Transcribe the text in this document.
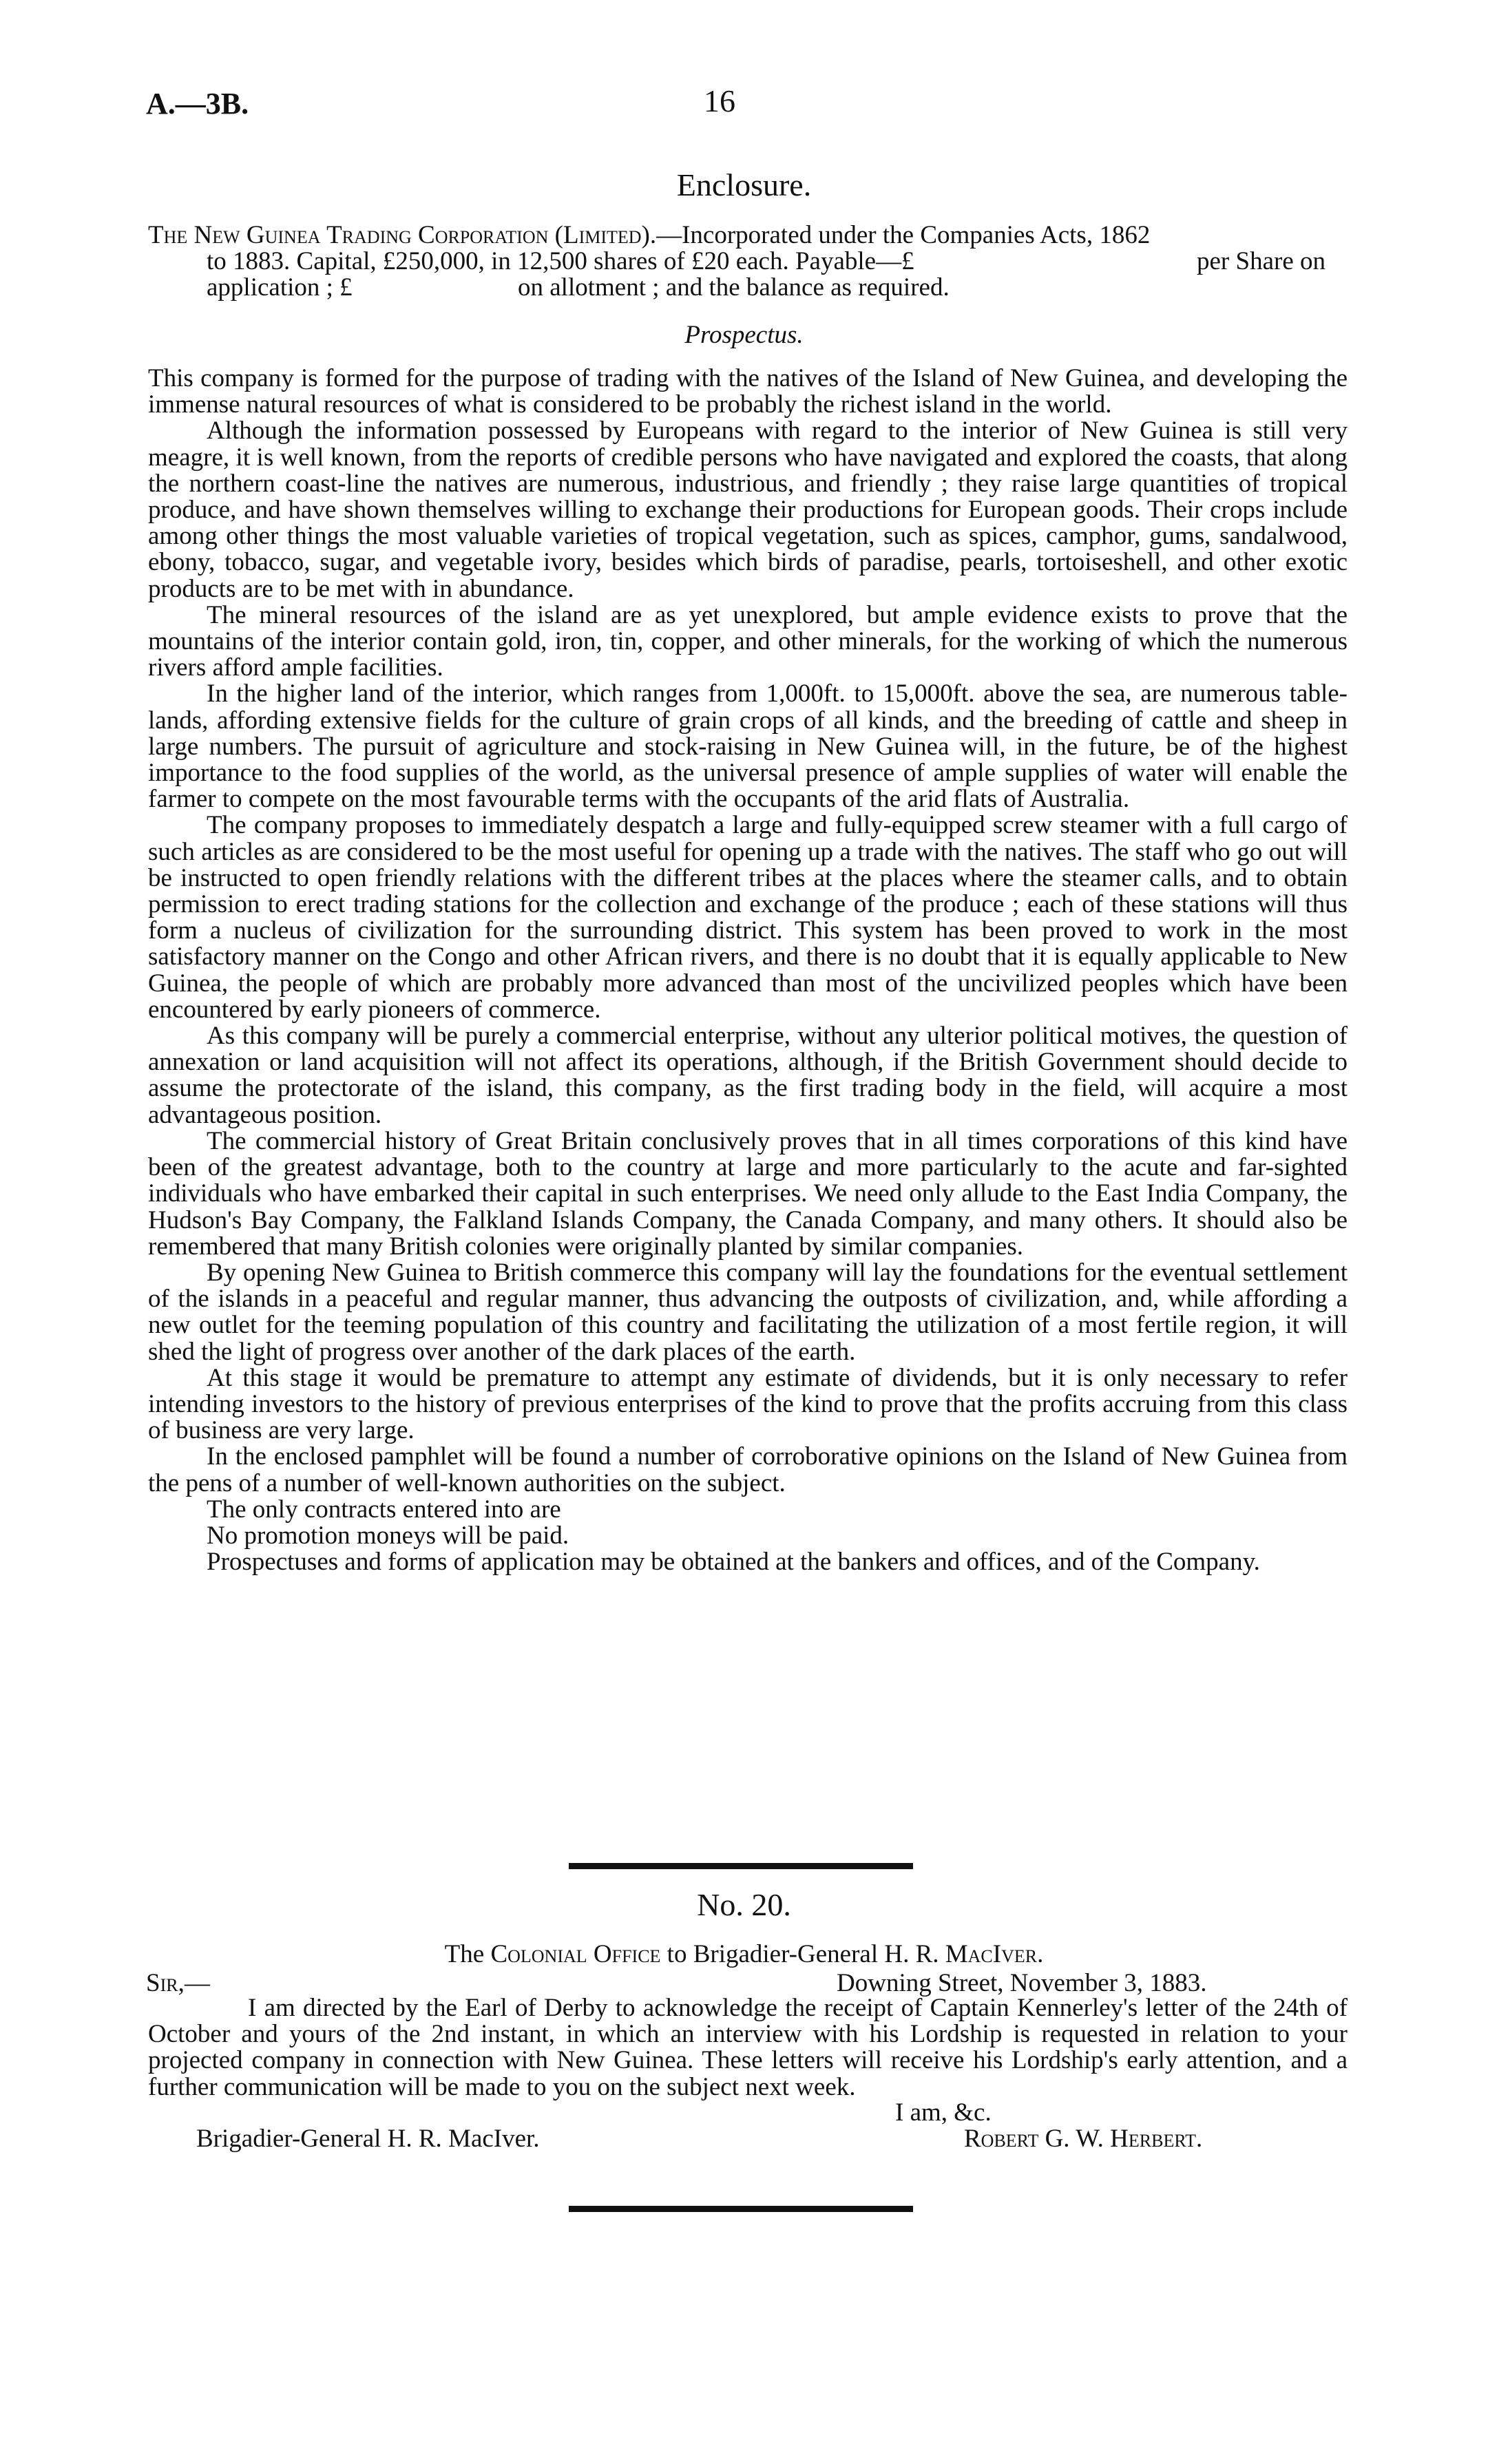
A.—3B.	16
Enclosure.
The New Guinea Trading Corporation (Limited).—Incorporated under the Companies Acts, 1862
to 1883. Capital, £250,000, in 12,500 shares of £20 each. Payable—£	per Share on
application ; £	on allotment ; and the balance as required.
Prospectus.

This company is formed for the purpose of trading with the natives of the Island of New Guinea, and developing the immense natural resources of what is considered to be probably the richest island in the world.

Although the information possessed by Europeans with regard to the interior of New Guinea is still very meagre, it is well known, from the reports of credible persons who have navigated and explored the coasts, that along the northern coast-line the natives are numerous, industrious, and friendly ; they raise large quantities of tropical produce, and have shown themselves willing to exchange their productions for European goods. Their crops include among other things the most valuable varieties of tropical vegetation, such as spices, camphor, gums, sandalwood, ebony, tobacco, sugar, and vegetable ivory, besides which birds of paradise, pearls, tortoiseshell, and other exotic products are to be met with in abundance.

The mineral resources of the island are as yet unexplored, but ample evidence exists to prove that the mountains of the interior contain gold, iron, tin, copper, and other minerals, for the working of which the numerous rivers afford ample facilities.

In the higher land of the interior, which ranges from 1,000ft. to 15,000ft. above the sea, are numerous table-lands, affording extensive fields for the culture of grain crops of all kinds, and the breeding of cattle and sheep in large numbers. The pursuit of agriculture and stock-raising in New Guinea will, in the future, be of the highest importance to the food supplies of the world, as the universal presence of ample supplies of water will enable the farmer to compete on the most favourable terms with the occupants of the arid flats of Australia.

The company proposes to immediately despatch a large and fully-equipped screw steamer with a full cargo of such articles as are considered to be the most useful for opening up a trade with the natives. The staff who go out will be instructed to open friendly relations with the different tribes at the places where the steamer calls, and to obtain permission to erect trading stations for the collection and exchange of the produce ; each of these stations will thus form a nucleus of civilization for the surrounding district. This system has been proved to work in the most satisfactory manner on the Congo and other African rivers, and there is no doubt that it is equally applicable to New Guinea, the people of which are probably more advanced than most of the uncivilized peoples which have been encountered by early pioneers of commerce.

As this company will be purely a commercial enterprise, without any ulterior political motives, the question of annexation or land acquisition will not affect its operations, although, if the British Government should decide to assume the protectorate of the island, this company, as the first trading body in the field, will acquire a most advantageous position.

The commercial history of Great Britain conclusively proves that in all times corporations of this kind have been of the greatest advantage, both to the country at large and more particularly to the acute and far-sighted individuals who have embarked their capital in such enterprises. We need only allude to the East India Company, the Hudson's Bay Company, the Falkland Islands Company, the Canada Company, and many others. It should also be remembered that many British colonies were originally planted by similar companies.

By opening New Guinea to British commerce this company will lay the foundations for the eventual settlement of the islands in a peaceful and regular manner, thus advancing the outposts of civilization, and, while affording a new outlet for the teeming population of this country and facilitating the utilization of a most fertile region, it will shed the light of progress over another of the dark places of the earth.

At this stage it would be premature to attempt any estimate of dividends, but it is only necessary to refer intending investors to the history of previous enterprises of the kind to prove that the profits accruing from this class of business are very large.

In the enclosed pamphlet will be found a number of corroborative opinions on the Island of New Guinea from the pens of a number of well-known authorities on the subject.

The only contracts entered into are

No promotion moneys will be paid.

Prospectuses and forms of application may be obtained at the bankers and offices, and of the Company.

No. 20.
The Colonial Office to Brigadier-General H. R. MacIver.
Sir,—	Downing Street, November 3, 1883.

I am directed by the Earl of Derby to acknowledge the receipt of Captain Kennerley's letter of the 24th of October and yours of the 2nd instant, in which an interview with his Lordship is requested in relation to your projected company in connection with New Guinea. These letters will receive his Lordship's early attention, and a further communication will be made to you on the subject next week.

I am, &c.
Brigadier-General H. R. MacIver.	Robert G. W. Herbert.
